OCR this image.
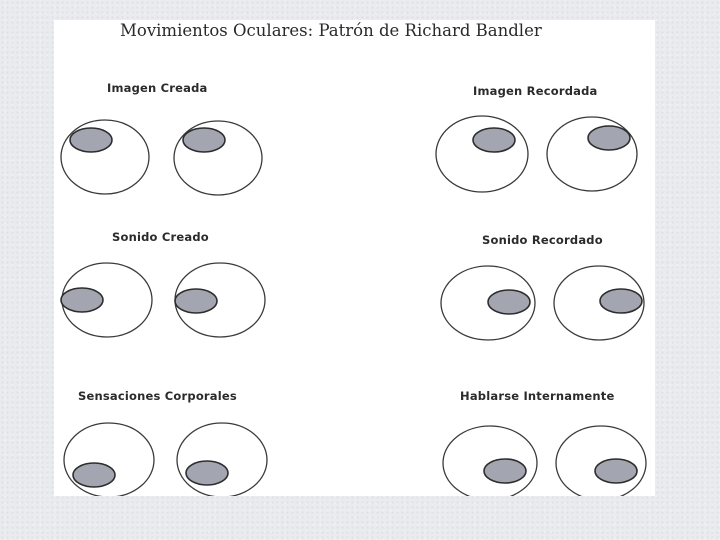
Movimientos Oculares: Patrón de Richard Bandler
Imagen Creada	Imagen Recordada
Sonido Creado	Sonido Recordado
Sensaciones Corporales	Hablarse Internamente
